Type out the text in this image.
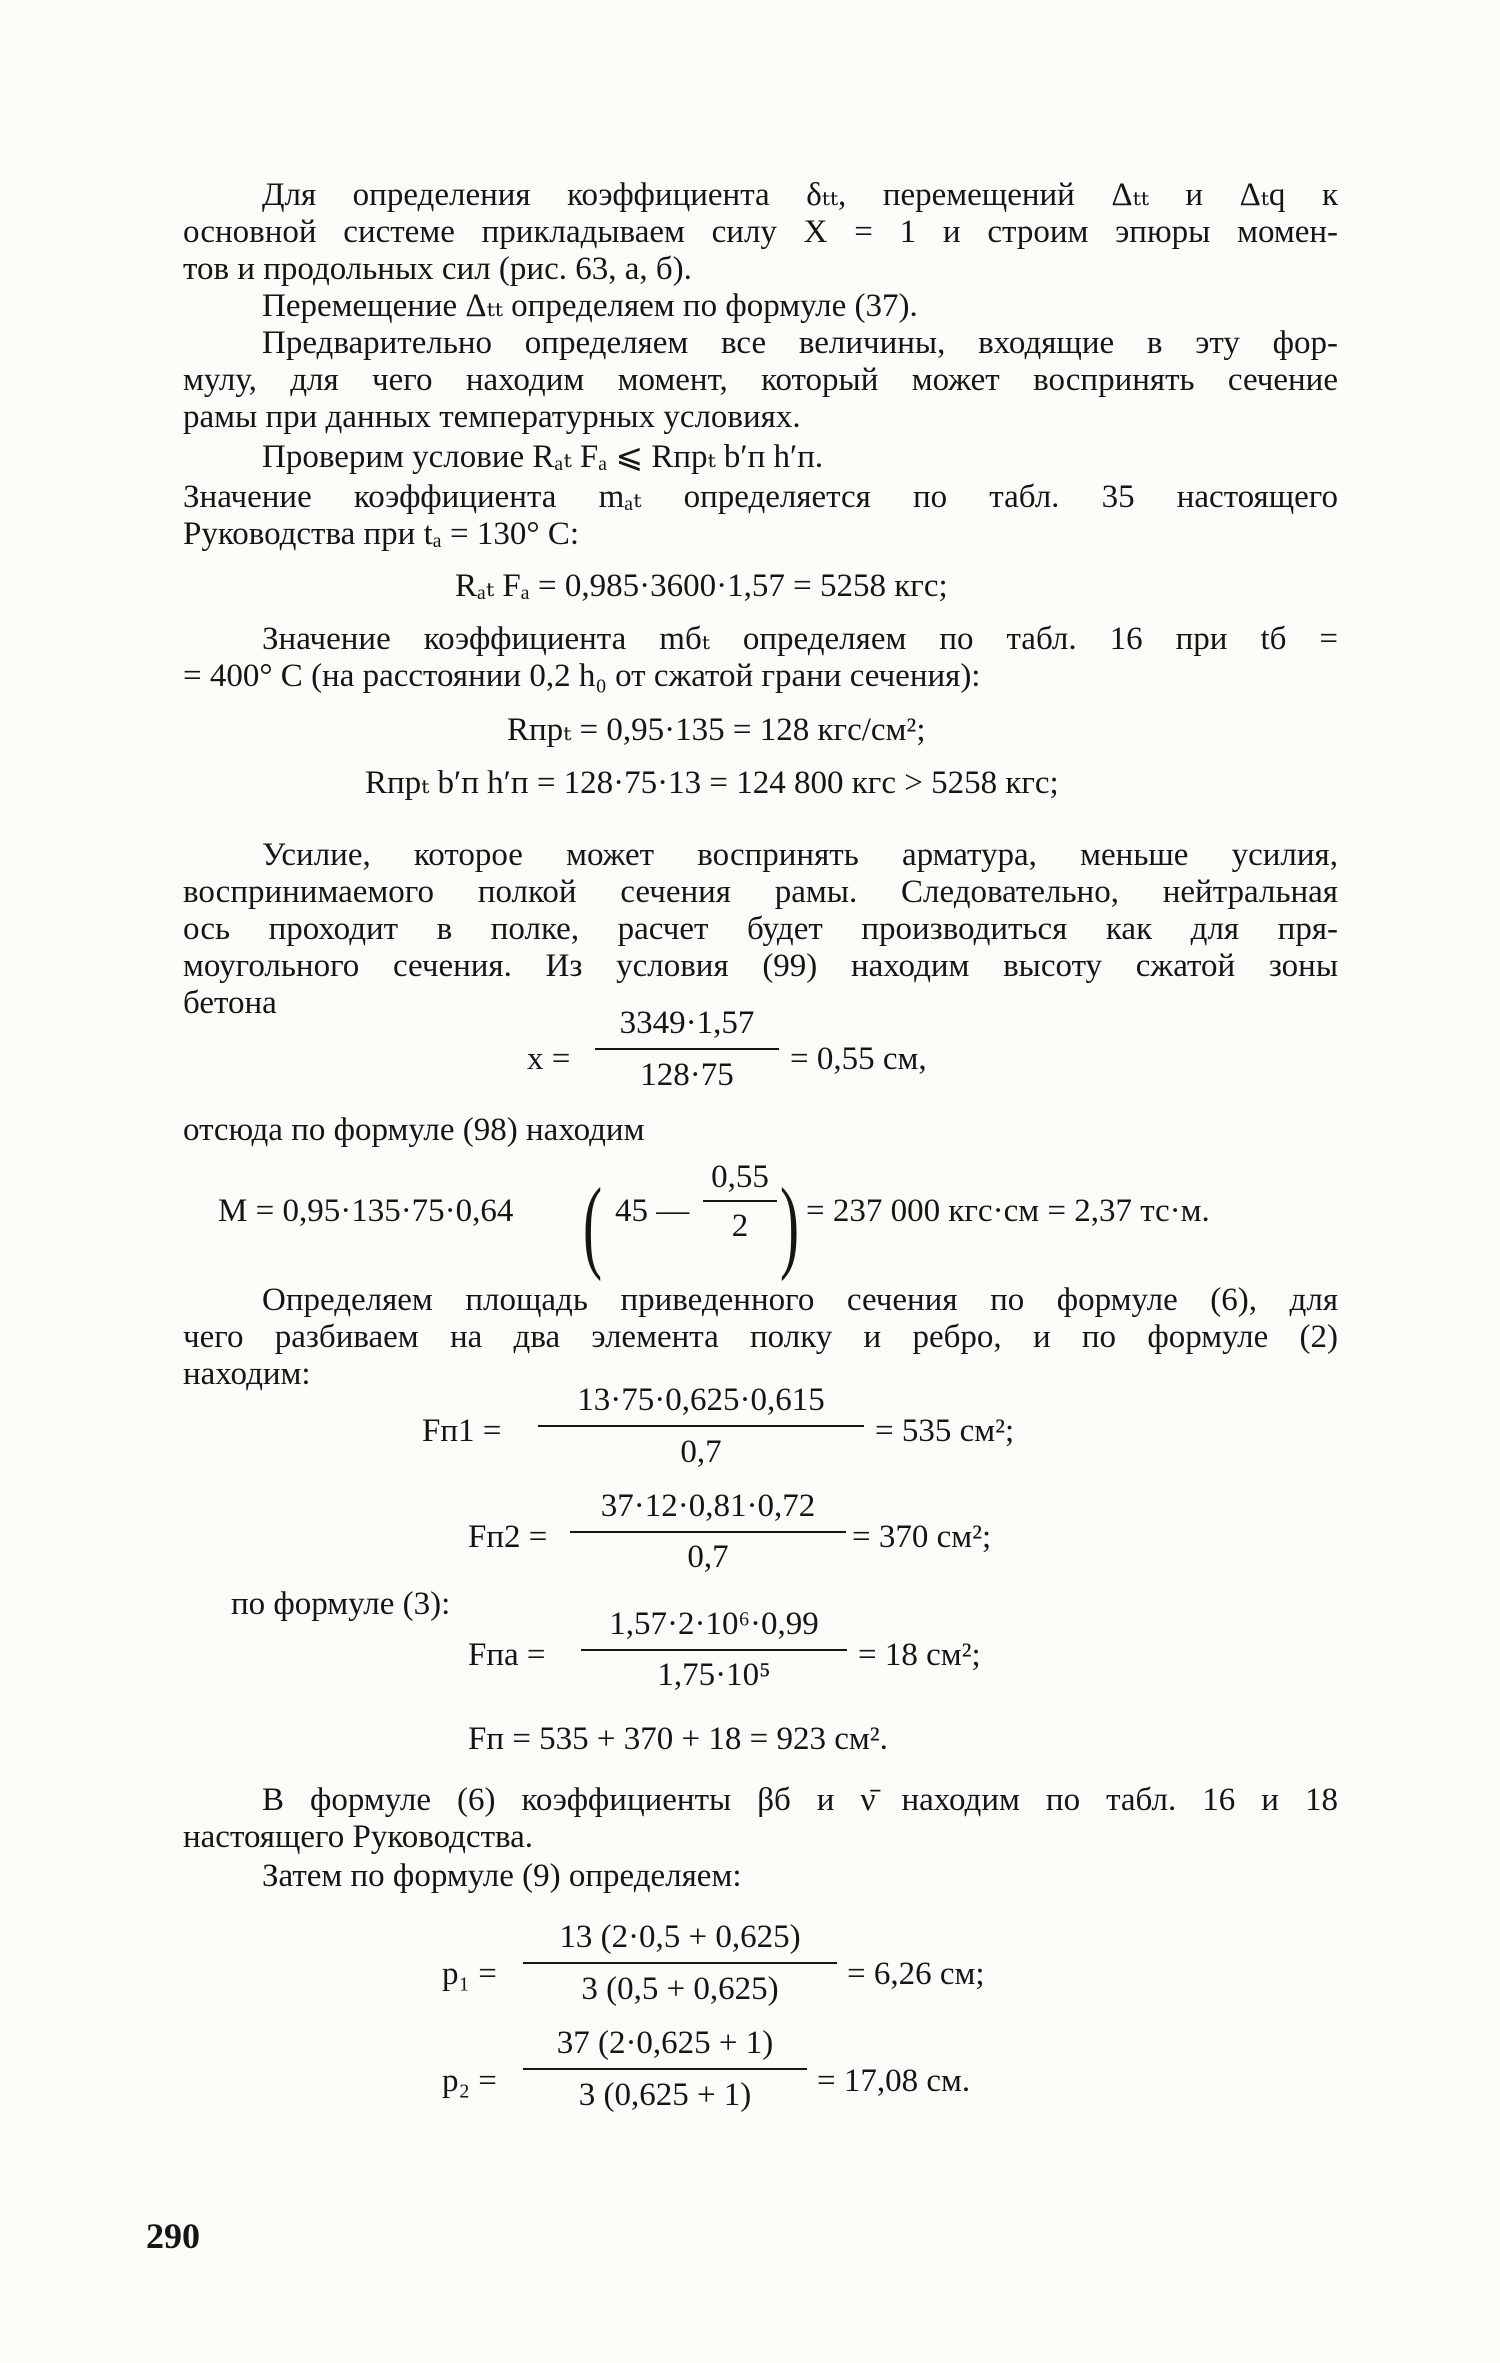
Для определения коэффициента δₜₜ, перемещений Δₜₜ и Δₜq к
основной системе прикладываем силу X = 1 и строим эпюры момен-
тов и продольных сил (рис. 63, а, б).
Перемещение Δₜₜ определяем по формуле (37).
Предварительно определяем все величины, входящие в эту фор-
мулу, для чего находим момент, который может воспринять сечение
рамы при данных температурных условиях.
Проверим условие Rₐₜ Fₐ ⩽ Rпрₜ b′п h′п.
Значение коэффициента mₐₜ определяется по табл. 35 настоящего
Руководства при tₐ = 130° С:
Rₐₜ Fₐ = 0,985·3600·1,57 = 5258 кгс;
Значение коэффициента mбₜ определяем по табл. 16 при tб =
= 400° С (на расстоянии 0,2 h₀ от сжатой грани сечения):
Rпрₜ = 0,95·135 = 128 кгс/см²;
Rпрₜ b′п h′п = 128·75·13 = 124 800 кгс > 5258 кгс;
Усилие, которое может воспринять арматура, меньше усилия,
воспринимаемого полкой сечения рамы. Следовательно, нейтральная
ось проходит в полке, расчет будет производиться как для пря-
моугольного сечения. Из условия (99) находим высоту сжатой зоны
бетона
x =
3349·1,57
128·75	= 0,55 см,
отсюда по формуле (98) находим
M = 0,95·135·75·0,64 ( 45 —
0,55
2 ) = 237 000 кгс·см = 2,37 тс·м.
Определяем площадь приведенного сечения по формуле (6), для
чего разбиваем на два элемента полку и ребро, и по формуле (2)
находим:
Fп1 =
13·75·0,625·0,615
0,7
= 535 см²;
Fп2 =
37·12·0,81·0,72
0,7
= 370 см²;
по формуле (3):
Fпа =
1,57·2·10⁶·0,99
1,75·10⁵
= 18 см²;
Fп = 535 + 370 + 18 = 923 см².
В формуле (6) коэффициенты βб и ν̄ находим по табл. 16 и 18
настоящего Руководства.
Затем по формуле (9) определяем:
p₁ =
13 (2·0,5 + 0,625)
3 (0,5 + 0,625)	= 6,26 см;
p₂ =
37 (2·0,625 + 1)
3 (0,625 + 1)	= 17,08 см.
290
